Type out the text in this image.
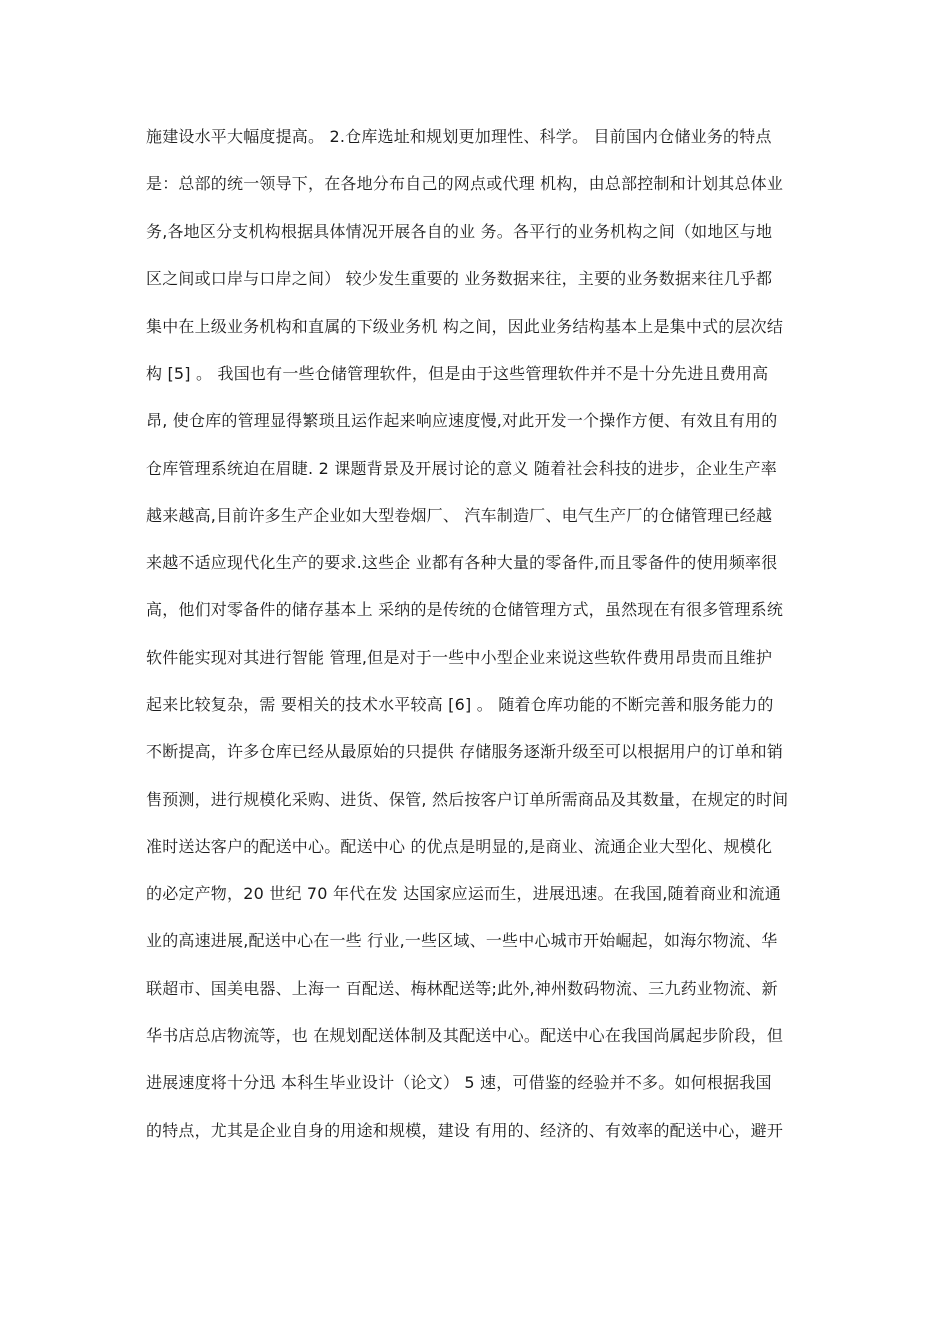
施建设水平大幅度提高。 2.仓库选址和规划更加理性、科学。 目前国内仓储业务的特点
是：总部的统一领导下，在各地分布自己的网点或代理 机构，由总部控制和计划其总体业
务,各地区分支机构根据具体情况开展各自的业 务。各平行的业务机构之间（如地区与地
区之间或口岸与口岸之间） 较少发生重要的 业务数据来往，主要的业务数据来往几乎都
集中在上级业务机构和直属的下级业务机 构之间，因此业务结构基本上是集中式的层次结
构 [5] 。 我国也有一些仓储管理软件，但是由于这些管理软件并不是十分先进且费用高
昂, 使仓库的管理显得繁琐且运作起来响应速度慢,对此开发一个操作方便、有效且有用的
仓库管理系统迫在眉睫. 2 课题背景及开展讨论的意义 随着社会科技的进步，企业生产率
越来越高,目前许多生产企业如大型卷烟厂、 汽车制造厂、电气生产厂的仓储管理已经越
来越不适应现代化生产的要求.这些企 业都有各种大量的零备件,而且零备件的使用频率很
高，他们对零备件的储存基本上 采纳的是传统的仓储管理方式，虽然现在有很多管理系统
软件能实现对其进行智能 管理,但是对于一些中小型企业来说这些软件费用昂贵而且维护
起来比较复杂，需 要相关的技术水平较高 [6] 。 随着仓库功能的不断完善和服务能力的
不断提高，许多仓库已经从最原始的只提供 存储服务逐渐升级至可以根据用户的订单和销
售预测，进行规模化采购、进货、保管, 然后按客户订单所需商品及其数量，在规定的时间
准时送达客户的配送中心。配送中心 的优点是明显的,是商业、流通企业大型化、规模化
的必定产物，20 世纪 70 年代在发 达国家应运而生，进展迅速。在我国,随着商业和流通
业的高速进展,配送中心在一些 行业,一些区域、一些中心城市开始崛起，如海尔物流、华
联超市、国美电器、上海一 百配送、梅林配送等;此外,神州数码物流、三九药业物流、新
华书店总店物流等，也 在规划配送体制及其配送中心。配送中心在我国尚属起步阶段，但
进展速度将十分迅 本科生毕业设计（论文） 5 速，可借鉴的经验并不多。如何根据我国
的特点，尤其是企业自身的用途和规模，建设 有用的、经济的、有效率的配送中心，避开
